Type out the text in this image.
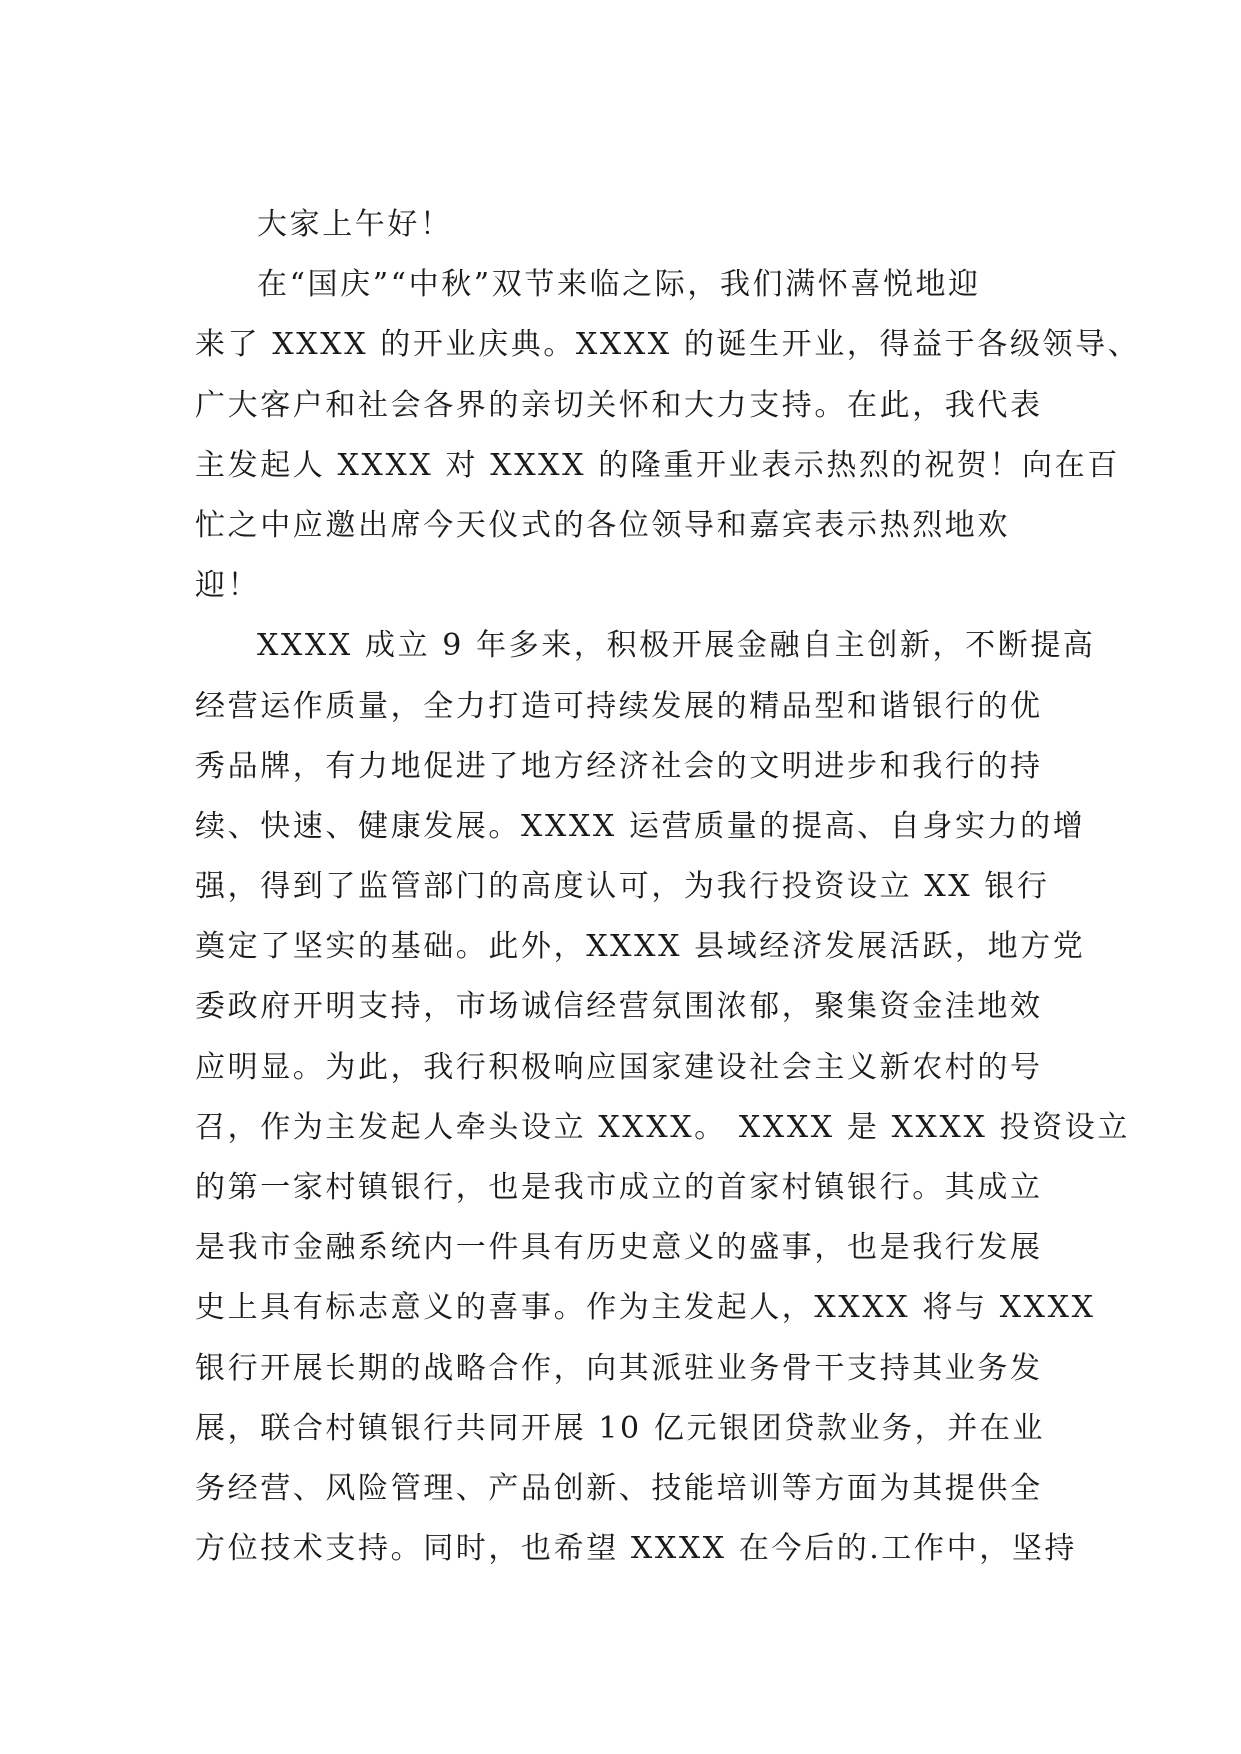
大家上午好！
在“国庆”“中秋”双节来临之际，我们满怀喜悦地迎
来了 XXXX 的开业庆典。XXXX 的诞生开业，得益于各级领导、
广大客户和社会各界的亲切关怀和大力支持。在此，我代表
主发起人 XXXX 对 XXXX 的隆重开业表示热烈的祝贺！向在百
忙之中应邀出席今天仪式的各位领导和嘉宾表示热烈地欢
迎！
XXXX 成立 9 年多来，积极开展金融自主创新，不断提高
经营运作质量，全力打造可持续发展的精品型和谐银行的优
秀品牌，有力地促进了地方经济社会的文明进步和我行的持
续、快速、健康发展。XXXX 运营质量的提高、自身实力的增
强，得到了监管部门的高度认可，为我行投资设立 XX 银行
奠定了坚实的基础。此外，XXXX 县域经济发展活跃，地方党
委政府开明支持，市场诚信经营氛围浓郁，聚集资金洼地效
应明显。为此，我行积极响应国家建设社会主义新农村的号
召，作为主发起人牵头设立 XXXX。 XXXX 是 XXXX 投资设立
的第一家村镇银行，也是我市成立的首家村镇银行。其成立
是我市金融系统内一件具有历史意义的盛事，也是我行发展
史上具有标志意义的喜事。作为主发起人，XXXX 将与 XXXX
银行开展长期的战略合作，向其派驻业务骨干支持其业务发
展，联合村镇银行共同开展 10 亿元银团贷款业务，并在业
务经营、风险管理、产品创新、技能培训等方面为其提供全
方位技术支持。同时，也希望 XXXX 在今后的.工作中，坚持
